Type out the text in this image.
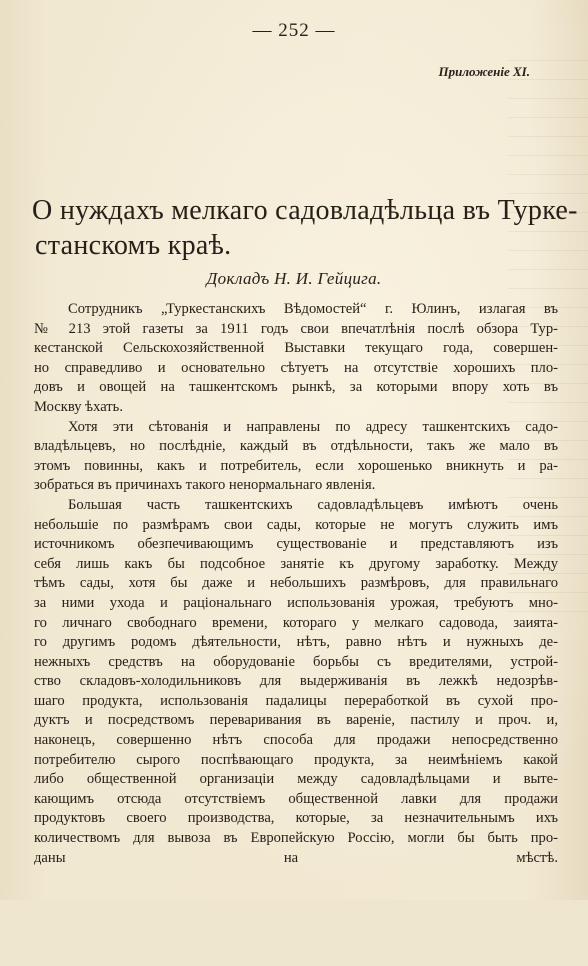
— 252 —
Приложеніе XI.
О нуждахъ мелкаго садовладѣльца въ Турке-
станскомъ краѣ.
Докладъ Н. И. Гейцига.
Сотрудникъ „Туркестанскихъ Вѣдомостей“ г. Юлинъ, излагая въ
№ 213 этой газеты за 1911 годъ свои впечатлѣнія послѣ обзора Тур-
кестанской Сельскохозяйственной Выставки текущаго года, совершен-
но справедливо и основательно сѣтуетъ на отсутствіе хорошихъ пло-
довъ и овощей на ташкентскомъ рынкѣ, за которыми впору хоть въ
Москву ѣхать.
Хотя эти сѣтованія и направлены по адресу ташкентскихъ садо-
владѣльцевъ, но послѣдніе, каждый въ отдѣльности, такъ же мало въ
этомъ повинны, какъ и потребитель, если хорошенько вникнуть и ра-
зобраться въ причинахъ такого ненормальнаго явленія.
Большая часть ташкентскихъ садовладѣльцевъ имѣютъ очень
небольшіе по размѣрамъ свои сады, которые не могутъ служить имъ
источникомъ обезпечивающимъ существованіе и представляютъ изъ
себя лишь какъ бы подсобное занятіе къ другому заработку. Между
тѣмъ сады, хотя бы даже и небольшихъ размѣровъ, для правильнаго
за ними ухода и раціональнаго использованія урожая, требуютъ мно-
го личнаго свободнаго времени, котораго у мелкаго садовода, заията-
го другимъ родомъ дѣятельности, нѣтъ, равно нѣтъ и нужныхъ де-
нежныхъ средствъ на оборудованіе борьбы съ вредителями, устрой-
ство складовъ-холодильниковъ для выдерживанія въ лежкѣ недозрѣв-
шаго продукта, использованія падалицы переработкой въ сухой про-
дуктъ и посредствомъ переваривания въ вареніе, пастилу и проч. и,
наконецъ, совершенно нѣтъ способа для продажи непосредственно
потребителю сырого поспѣвающаго продукта, за неимѣніемъ какой
либо общественной организаціи между садовладѣльцами и выте-
кающимъ отсюда отсутствіемъ общественной лавки для продажи
продуктовъ своего производства, которые, за незначительнымъ ихъ
количествомъ для вывоза въ Европейскую Россію, могли бы быть про-
даны на мѣстѣ.
